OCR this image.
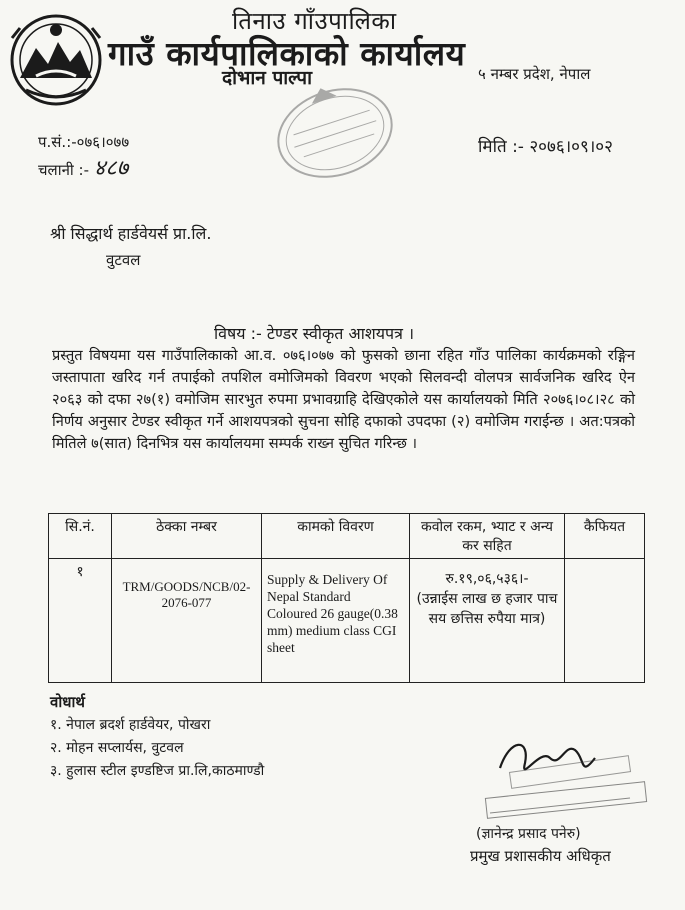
तिनाउ गाँउपालिका
गाउँ कार्यपालिकाको कार्यालय
दोभान पाल्पा	५ नम्बर प्रदेश, नेपाल
प.सं.:-०७६।०७७
चलानी :- ४८७
मिति :- २०७६।०९।०२
श्री सिद्धार्थ हार्डवेयर्स प्रा.लि.
वुटवल
विषय :- टेण्डर स्वीकृत आशयपत्र ।
प्रस्तुत विषयमा यस गाउँपालिकाको आ.व. ०७६।०७७ को फुसको छाना रहित गाँउ पालिका कार्यक्रमको रङ्गिन जस्तापाता खरिद गर्न तपाईको तपशिल वमोजिमको विवरण भएको सिलवन्दी वोलपत्र सार्वजनिक खरिद ऐन २०६३ को दफा २७(१) वमोजिम सारभुत रुपमा प्रभावग्राहि देखिएकोले यस कार्यालयको मिति २०७६।०८।२८ को निर्णय अनुसार टेण्डर स्वीकृत गर्ने आशयपत्रको सुचना सोहि दफाको उपदफा (२) वमोजिम गराईन्छ । अत:पत्रको मितिले ७(सात) दिनभित्र यस कार्यालयमा सम्पर्क राख्न सुचित गरिन्छ ।
सि.नं.	ठेक्का नम्बर	कामको विवरण	कवोल रकम, भ्याट र अन्य कर सहित	कैफियत
१	TRM/GOODS/NCB/02-2076-077	Supply & Delivery Of Nepal Standard Coloured 26 gauge(0.38 mm) medium class CGI sheet	रु.१९,०६,५३६।-
(उन्नाईस लाख छ हजार पाच सय छत्तिस रुपैया मात्र)	

वोधार्थ
१. नेपाल ब्रदर्श हार्डवेयर, पोखरा
२. मोहन सप्लार्यस, वुटवल
३. हुलास स्टील इण्डष्टिज प्रा.लि,काठमाण्डौ
(ज्ञानेन्द्र प्रसाद पनेरु)
प्रमुख प्रशासकीय अधिकृत
